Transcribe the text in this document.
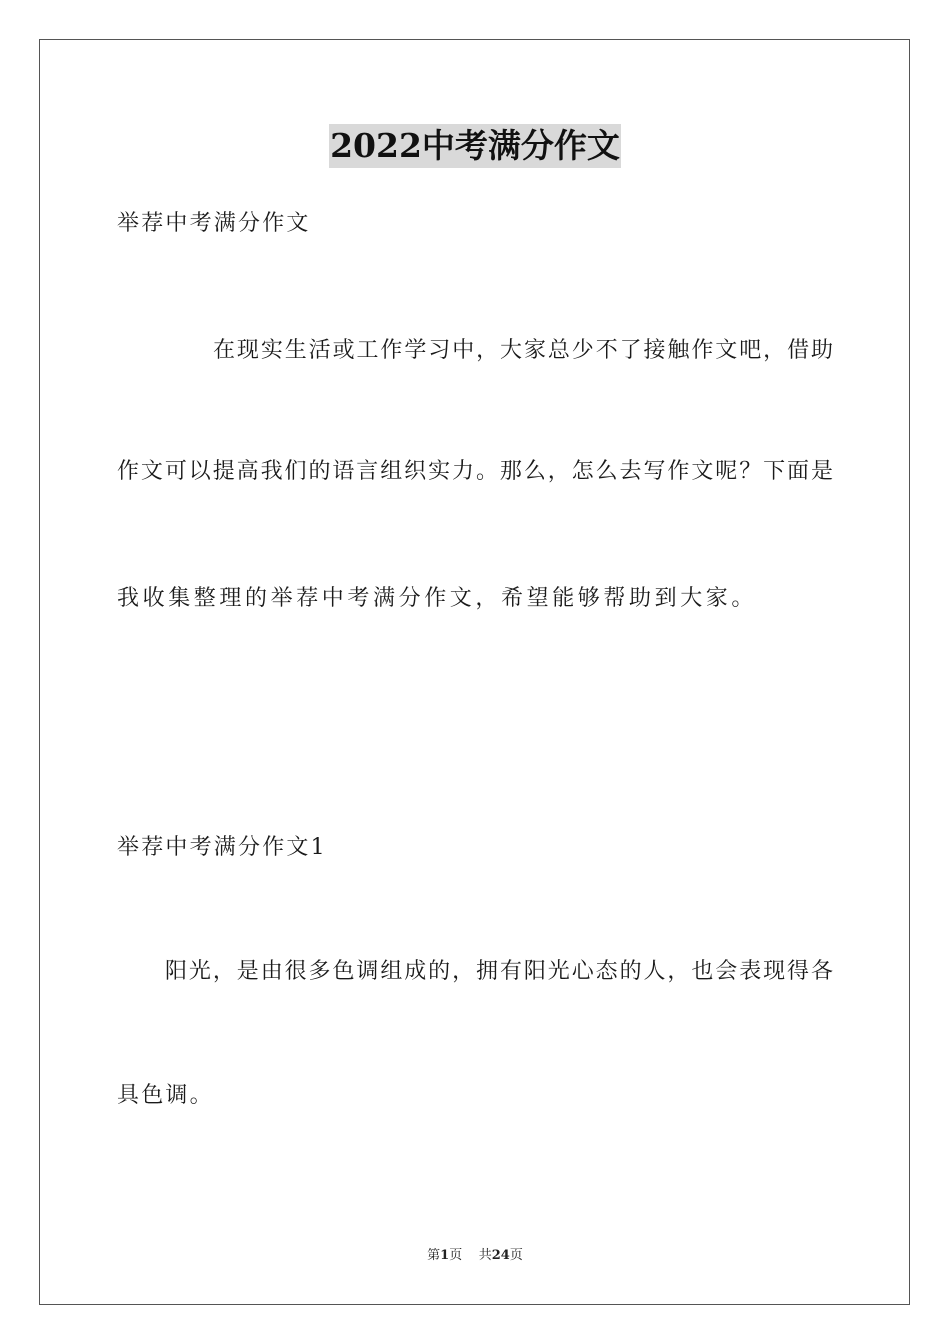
2022中考满分作文
举荐中考满分作文
在现实生活或工作学习中，大家总少不了接触作文吧，借助
作文可以提高我们的语言组织实力。那么，怎么去写作文呢？下面是
我收集整理的举荐中考满分作文，希望能够帮助到大家。
举荐中考满分作文1
阳光，是由很多色调组成的，拥有阳光心态的人，也会表现得各
具色调。
第1页 共24页
